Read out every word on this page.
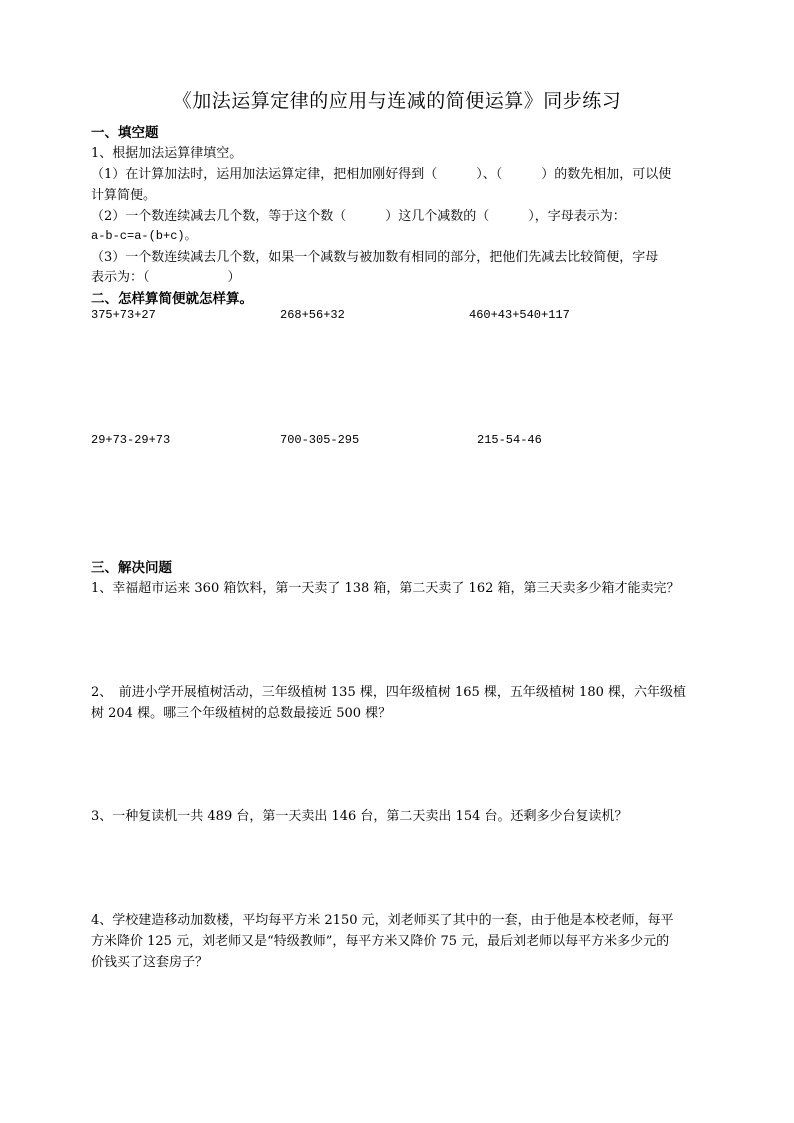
《加法运算定律的应用与连减的简便运算》同步练习
一、填空题
1、根据加法运算律填空。
（1）在计算加法时，运用加法运算定律，把相加刚好得到（　　　）、（　　　）的数先相加，可以使
计算简便。
（2）一个数连续减去几个数，等于这个数（　　　）这几个减数的（　　　），字母表示为：
a-b-c=a-(b+c)。
（3）一个数连续减去几个数，如果一个减数与被加数有相同的部分，把他们先减去比较简便，字母
表示为：（　　　　　　）
二、怎样算简便就怎样算。
375+73+27	268+56+32	460+43+540+117
29+73-29+73	700-305-295	215-54-46
三、解决问题
1、幸福超市运来 360 箱饮料，第一天卖了 138 箱，第二天卖了 162 箱，第三天卖多少箱才能卖完？
2、　前进小学开展植树活动，三年级植树 135 棵，四年级植树 165 棵，五年级植树 180 棵，六年级植
树 204 棵。哪三个年级植树的总数最接近 500 棵？
3、一种复读机一共 489 台，第一天卖出 146 台，第二天卖出 154 台。还剩多少台复读机？
4、学校建造移动加数楼，平均每平方米 2150 元，刘老师买了其中的一套，由于他是本校老师，每平
方米降价 125 元，刘老师又是“特级教师”，每平方米又降价 75 元，最后刘老师以每平方米多少元的
价钱买了这套房子？
